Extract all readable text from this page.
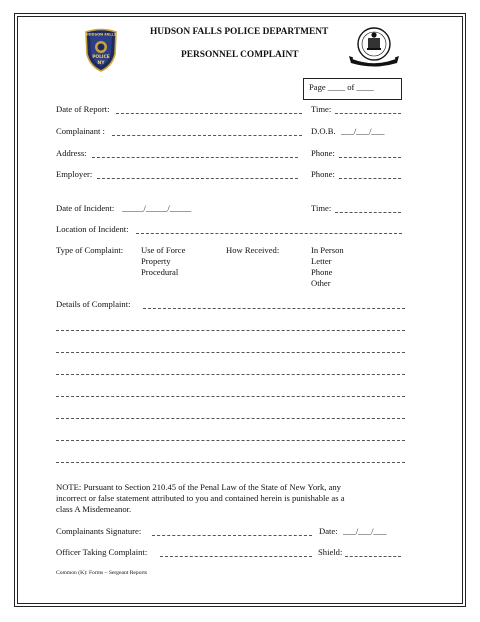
HUDSON FALLS
POLICE
NY
HUDSON FALLS POLICE DEPARTMENT
PERSONNEL COMPLAINT
Page ____ of ____
Date of Report:	Time:
Complainant :	D.O.B. ___/___/___
Address:	Phone:
Employer:	Phone:
Date of Incident: _____/_____/_____	Time:
Location of Incident:
Type of Complaint: Use of Force
Property
Procedural
How Received:	In Person
Letter
Phone
Other
Details of Complaint:
NOTE: Pursuant to Section 210.45 of the Penal Law of the State of New York, any
incorrect or false statement attributed to you and contained herein is punishable as a
class A Misdemeanor.
Complainants Signature:	Date: ___/___/___
Officer Taking Complaint:	Shield:
Common (K): Forms – Sergeant Reports
